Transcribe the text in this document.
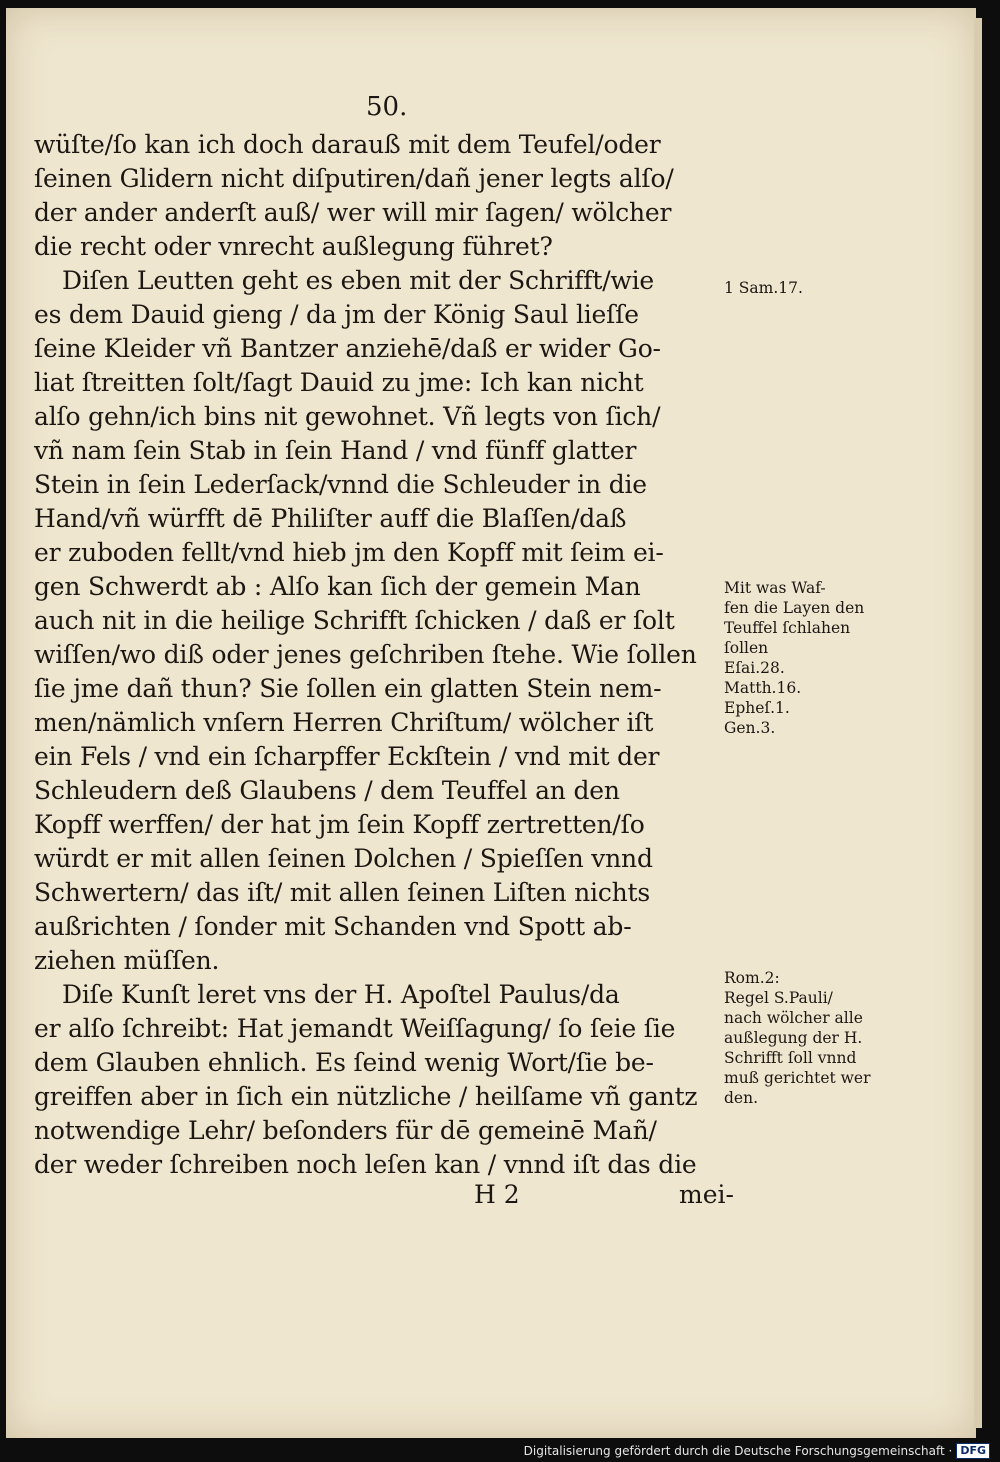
50.
wüſte/ſo kan ich doch darauß mit dem Teufel/oder
ſeinen Glidern nicht diſputiren/dañ jener legts alſo/
der ander anderſt auß/ wer will mir ſagen/ wölcher
die recht oder vnrecht außlegung führet?
Diſen Leutten geht es eben mit der Schrifft/wie
es dem Dauid gieng / da jm der König Saul lieſſe
ſeine Kleider vñ Bantzer anziehē/daß er wider Go-
liat ſtreitten ſolt/ſagt Dauid zu jme: Ich kan nicht
alſo gehn/ich bins nit gewohnet. Vñ legts von ſich/
vñ nam ſein Stab in ſein Hand / vnd fünff glatter
Stein in ſein Lederſack/vnnd die Schleuder in die
Hand/vñ würfft dē Philiſter auff die Blaſſen/daß
er zuboden fellt/vnd hieb jm den Kopff mit ſeim ei-
gen Schwerdt ab : Alſo kan ſich der gemein Man
auch nit in die heilige Schrifft ſchicken / daß er ſolt
wiſſen/wo diß oder jenes geſchriben ſtehe. Wie ſollen
ſie jme dañ thun? Sie ſollen ein glatten Stein nem-
men/nämlich vnſern Herren Chriſtum/ wölcher iſt
ein Fels / vnd ein ſcharpffer Eckſtein / vnd mit der
Schleudern deß Glaubens / dem Teuffel an den
Kopff werffen/ der hat jm ſein Kopff zertretten/ſo
würdt er mit allen ſeinen Dolchen / Spieſſen vnnd
Schwertern/ das iſt/ mit allen ſeinen Liſten nichts
außrichten / ſonder mit Schanden vnd Spott ab-
ziehen müſſen.
Diſe Kunſt leret vns der H. Apoſtel Paulus/da
er alſo ſchreibt: Hat jemandt Weiſſagung/ ſo ſeie ſie
dem Glauben ehnlich. Es ſeind wenig Wort/ſie be-
greiffen aber in ſich ein nützliche / heilſame vñ gantz
notwendige Lehr/ beſonders für dē gemeinē Mañ/
der weder ſchreiben noch leſen kan / vnnd iſt das die
H 2	mei-
1 Sam.17.
Mit was Waf-
fen die Layen den
Teuffel ſchlahen
ſollen
Eſai.28.
Matth.16.
Epheſ.1.
Gen.3.
Rom.2:
Regel S.Pauli/
nach wölcher alle
außlegung der H.
Schrifft ſoll vnnd
muß gerichtet wer
den.
Digitalisierung gefördert durch die Deutsche Forschungsgemeinschaft · DFG
